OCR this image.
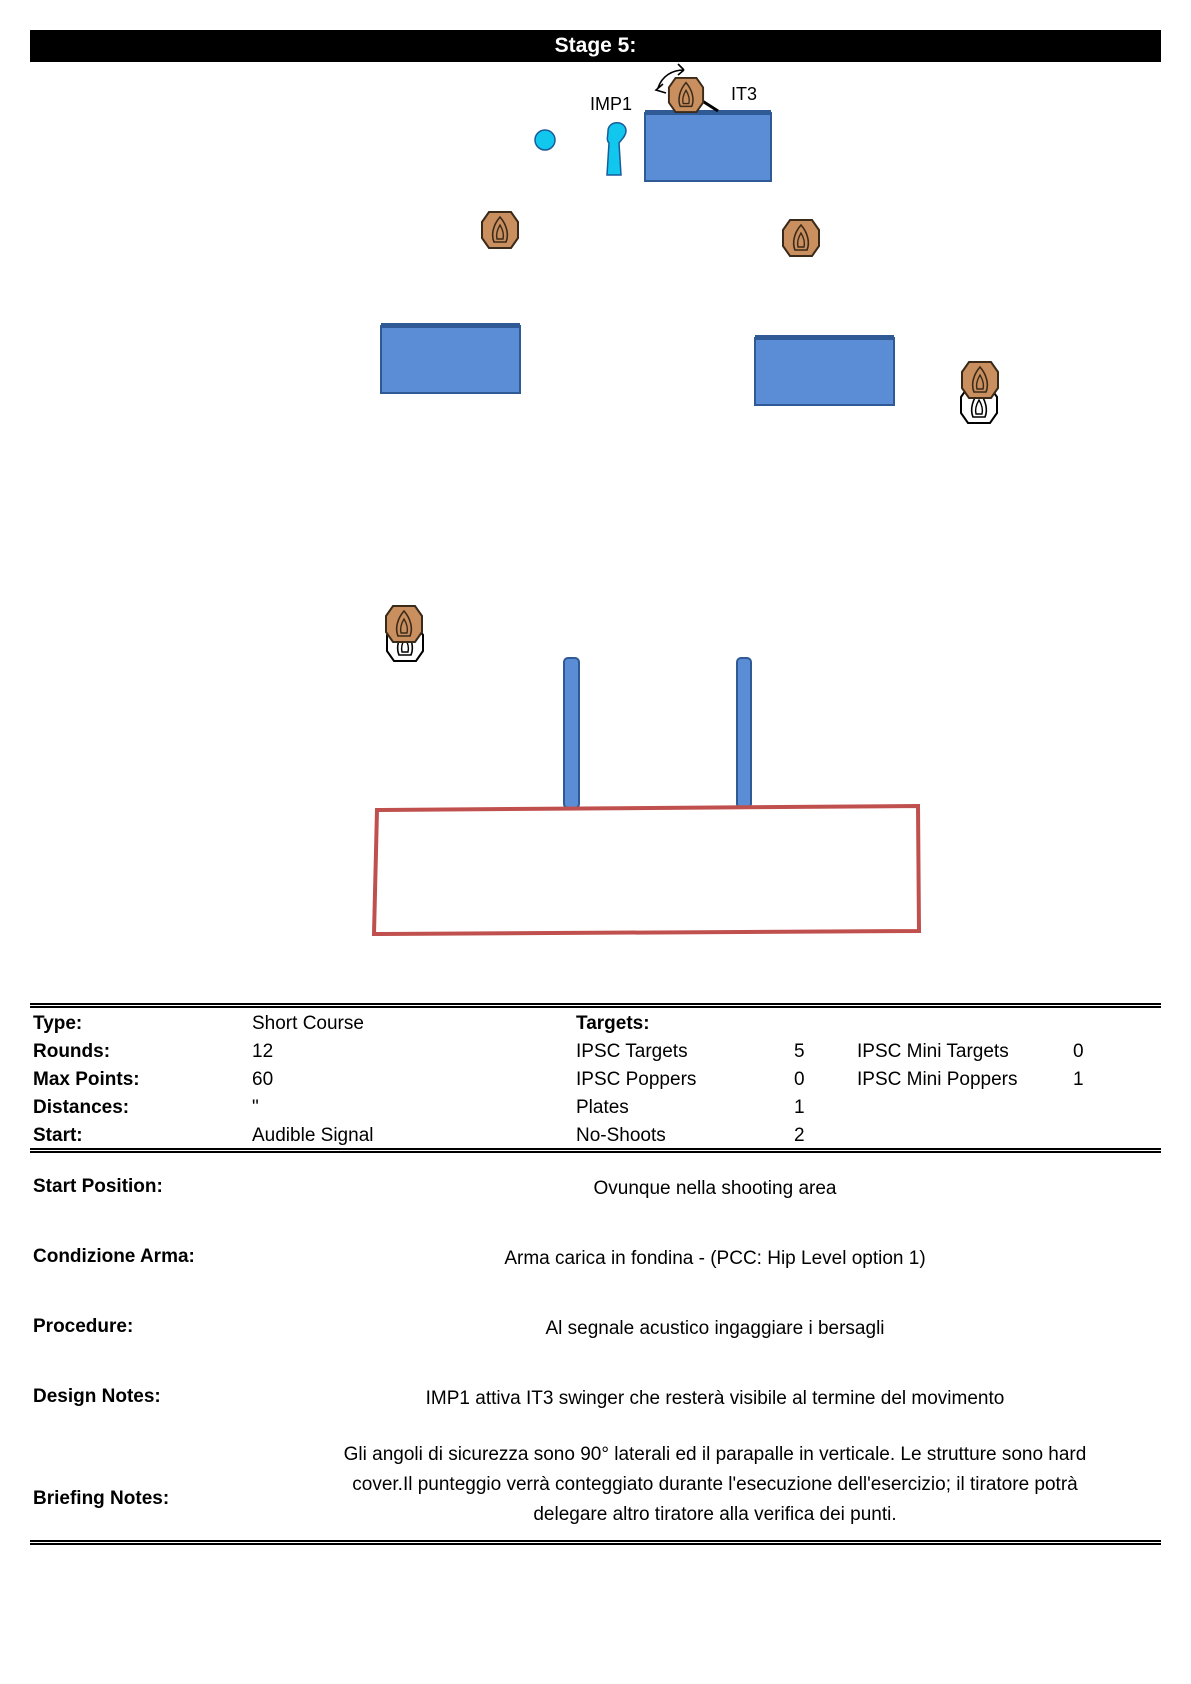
Stage 5:
IMP1	IT3
Type:	Short Course	Targets:
Rounds:	12	IPSC Targets	5	IPSC Mini Targets	0
Max Points:	60	IPSC Poppers	0	IPSC Mini Poppers	1
Distances:	"	Plates	1
Start:	Audible Signal	No-Shoots	2
Start Position:	Ovunque nella shooting area
Condizione Arma:	Arma carica in fondina - (PCC: Hip Level option 1)
Procedure:	Al segnale acustico ingaggiare i bersagli
Design Notes:	IMP1 attiva IT3 swinger che resterà visibile al termine del movimento
Briefing Notes:
Gli angoli di sicurezza sono 90° laterali ed il parapalle in verticale. Le strutture sono hard
cover.Il punteggio verrà conteggiato durante l'esecuzione dell'esercizio; il tiratore potrà
delegare altro tiratore alla verifica dei punti.
